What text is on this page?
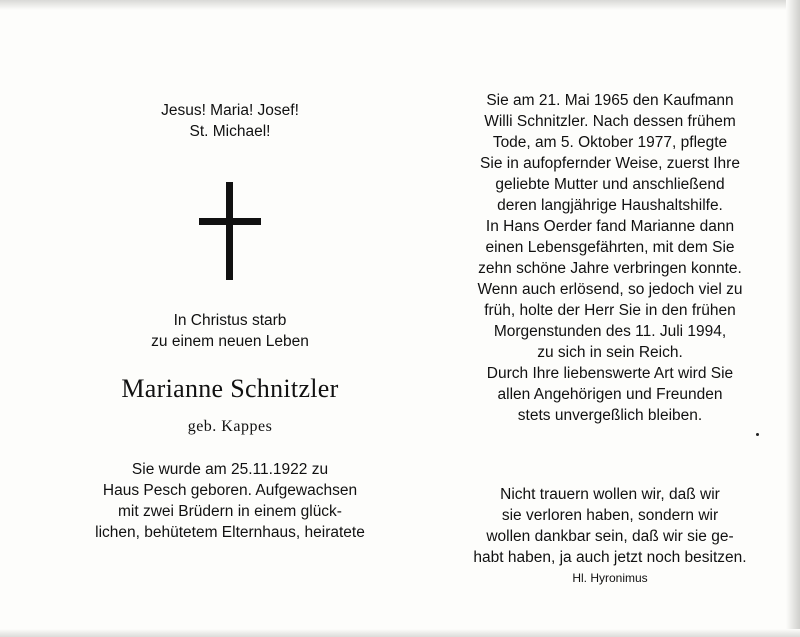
Jesus! Maria! Josef!
St. Michael!
In Christus starb
zu einem neuen Leben
Marianne Schnitzler
geb. Kappes
Sie wurde am 25.11.1922 zu
Haus Pesch geboren. Aufgewachsen
mit zwei Brüdern in einem glück-
lichen, behütetem Elternhaus, heiratete
Sie am 21. Mai 1965 den Kaufmann
Willi Schnitzler. Nach dessen frühem
Tode, am 5. Oktober 1977, pflegte
Sie in aufopfernder Weise, zuerst Ihre
geliebte Mutter und anschließend
deren langjährige Haushaltshilfe.
In Hans Oerder fand Marianne dann
einen Lebensgefährten, mit dem Sie
zehn schöne Jahre verbringen konnte.
Wenn auch erlösend, so jedoch viel zu
früh, holte der Herr Sie in den frühen
Morgenstunden des 11. Juli 1994,
zu sich in sein Reich.
Durch Ihre liebenswerte Art wird Sie
allen Angehörigen und Freunden
stets unvergeßlich bleiben.
Nicht trauern wollen wir, daß wir
sie verloren haben, sondern wir
wollen dankbar sein, daß wir sie ge-
habt haben, ja auch jetzt noch besitzen.
Hl. Hyronimus
